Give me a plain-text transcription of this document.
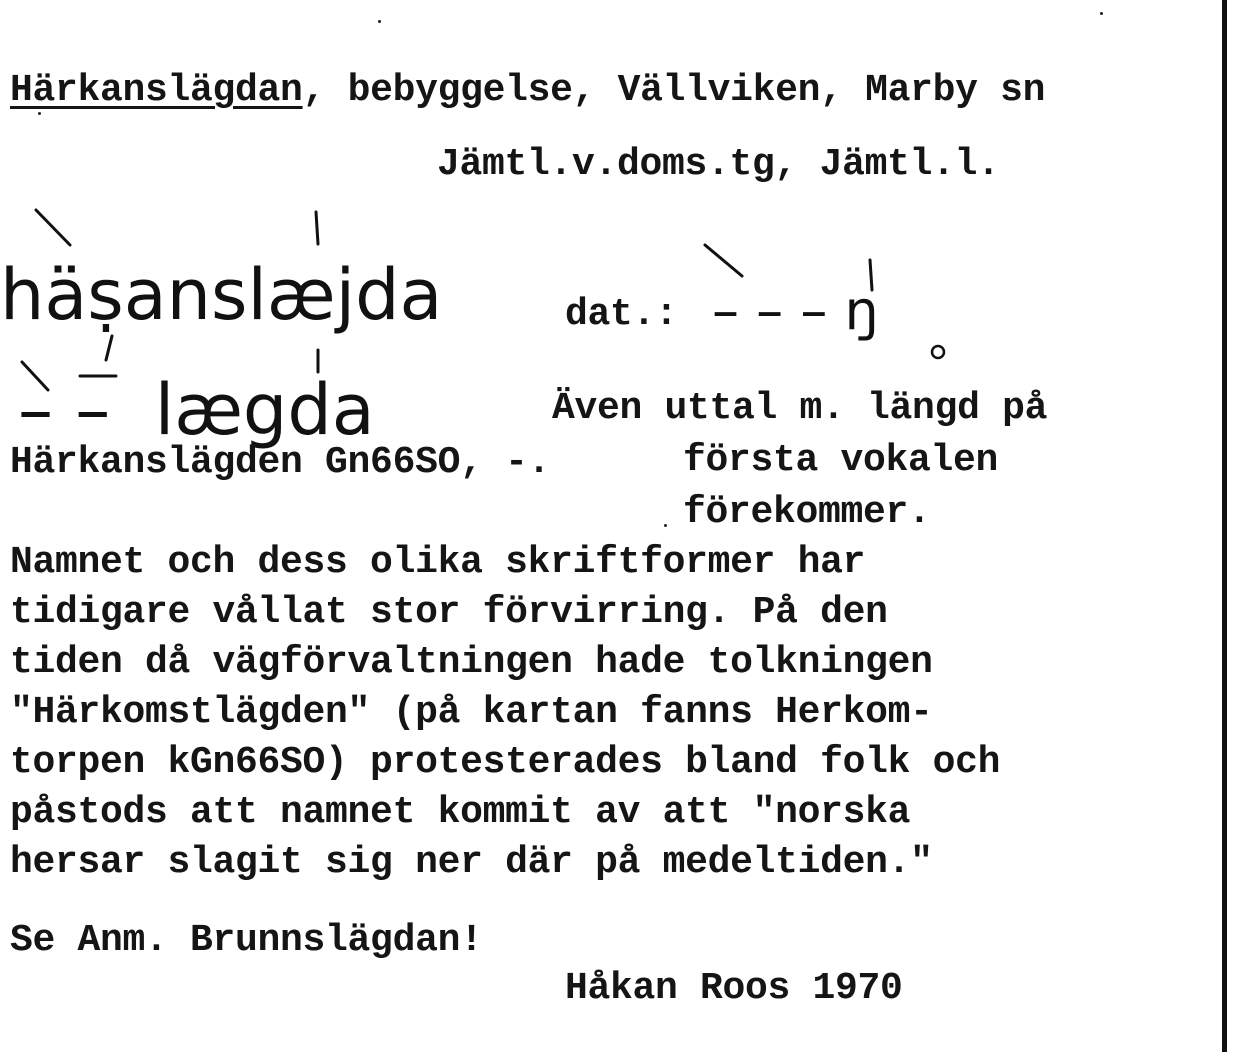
Härkanslägdan, bebyggelse, Vällviken, Marby sn
Jämtl.v.doms.tg, Jämtl.l.
häṣanslæjda	dat.: – – – ŋ
– –  lægda	Även uttal m. längd på
första vokalen
förekommer.
Härkanslägden Gn66SO, -.
Namnet och dess olika skriftformer har
tidigare vållat stor förvirring. På den
tiden då vägförvaltningen hade tolkningen
"Härkomstlägden" (på kartan fanns Herkom-
torpen kGn66SO) protesterades bland folk och
påstods att namnet kommit av att "norska
hersar slagit sig ner där på medeltiden."
Se Anm. Brunnslägdan!
Håkan Roos 1970
